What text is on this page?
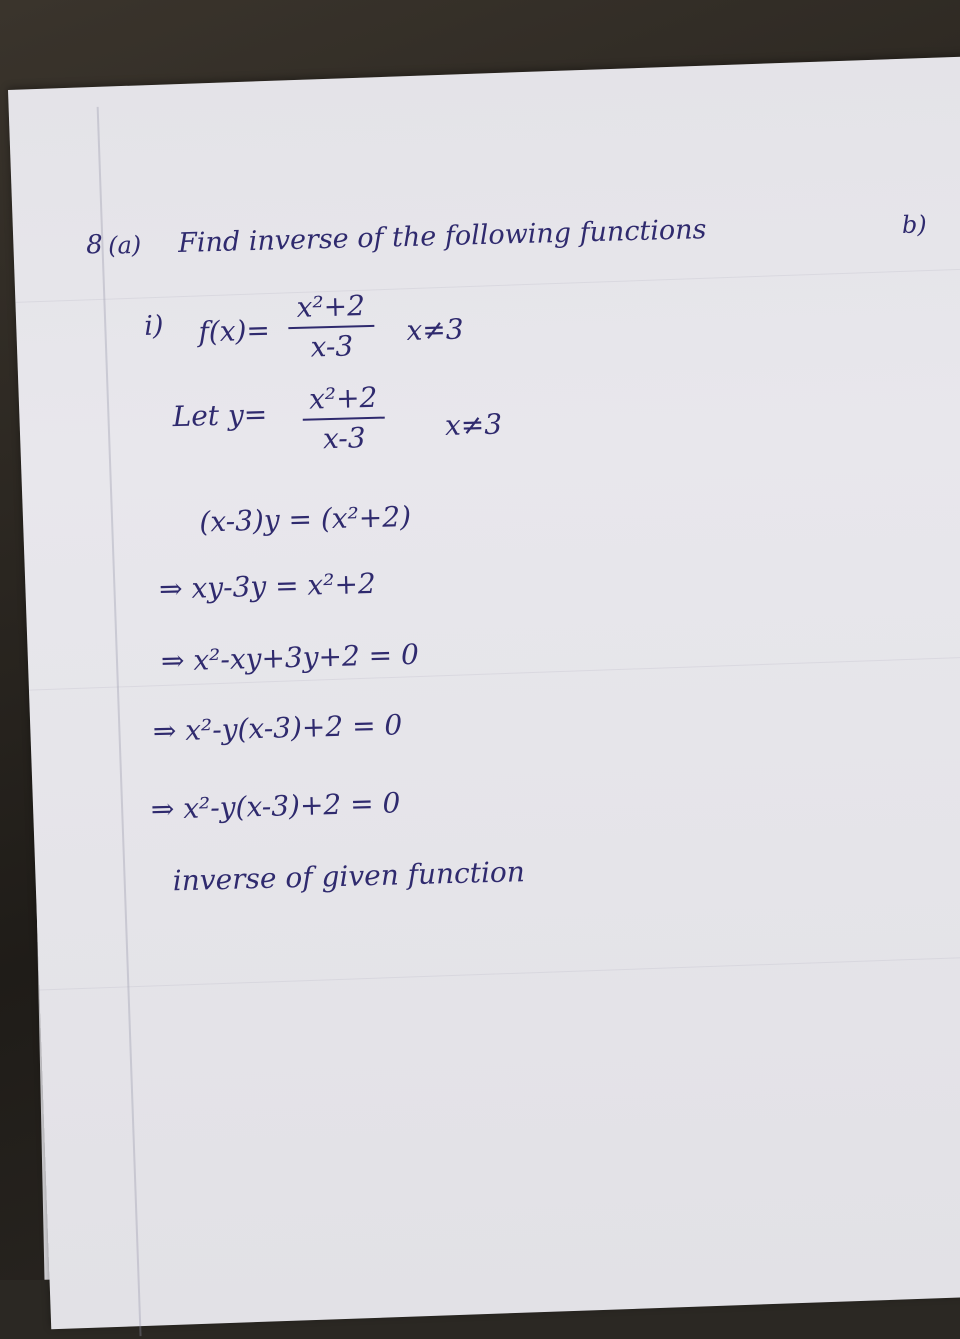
8 (a) Find inverse of the following functions	b)
i) f(x)=
x²+2
x-3	x≠3
Let y= x²+2
x-3	x≠3
(x-3)y = (x²+2)
⇒ xy-3y = x²+2
⇒ x²-xy+3y+2 = 0
⇒ x²-y(x-3)+2 = 0
⇒ x²-y(x-3)+2 = 0
inverse of given function
